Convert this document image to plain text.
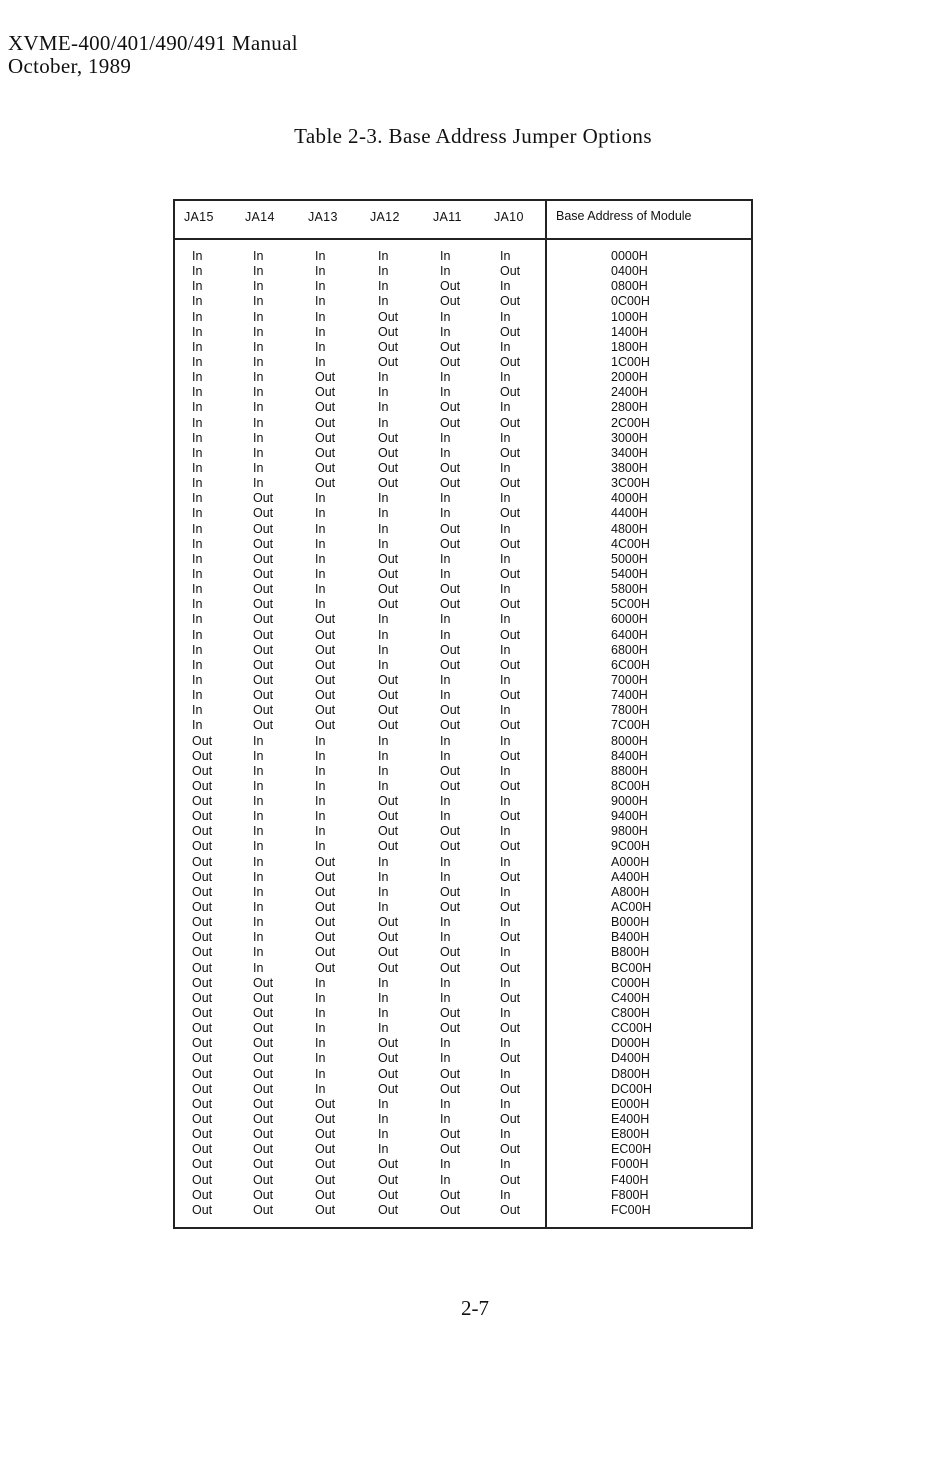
XVME-400/401/490/491 Manual
October, 1989
Table 2-3. Base Address Jumper Options
JA15	JA14	JA13	JA12	JA11	JA10	Base Address of Module
In	In	In	In	In	In	0000H
In	In	In	In	In	Out	0400H
In	In	In	In	Out	In	0800H
In	In	In	In	Out	Out	0C00H
In	In	In	Out	In	In	1000H
In	In	In	Out	In	Out	1400H
In	In	In	Out	Out	In	1800H
In	In	In	Out	Out	Out	1C00H
In	In	Out	In	In	In	2000H
In	In	Out	In	In	Out	2400H
In	In	Out	In	Out	In	2800H
In	In	Out	In	Out	Out	2C00H
In	In	Out	Out	In	In	3000H
In	In	Out	Out	In	Out	3400H
In	In	Out	Out	Out	In	3800H
In	In	Out	Out	Out	Out	3C00H
In	Out	In	In	In	In	4000H
In	Out	In	In	In	Out	4400H
In	Out	In	In	Out	In	4800H
In	Out	In	In	Out	Out	4C00H
In	Out	In	Out	In	In	5000H
In	Out	In	Out	In	Out	5400H
In	Out	In	Out	Out	In	5800H
In	Out	In	Out	Out	Out	5C00H
In	Out	Out	In	In	In	6000H
In	Out	Out	In	In	Out	6400H
In	Out	Out	In	Out	In	6800H
In	Out	Out	In	Out	Out	6C00H
In	Out	Out	Out	In	In	7000H
In	Out	Out	Out	In	Out	7400H
In	Out	Out	Out	Out	In	7800H
In	Out	Out	Out	Out	Out	7C00H
Out	In	In	In	In	In	8000H
Out	In	In	In	In	Out	8400H
Out	In	In	In	Out	In	8800H
Out	In	In	In	Out	Out	8C00H
Out	In	In	Out	In	In	9000H
Out	In	In	Out	In	Out	9400H
Out	In	In	Out	Out	In	9800H
Out	In	In	Out	Out	Out	9C00H
Out	In	Out	In	In	In	A000H
Out	In	Out	In	In	Out	A400H
Out	In	Out	In	Out	In	A800H
Out	In	Out	In	Out	Out	AC00H
Out	In	Out	Out	In	In	B000H
Out	In	Out	Out	In	Out	B400H
Out	In	Out	Out	Out	In	B800H
Out	In	Out	Out	Out	Out	BC00H
Out	Out	In	In	In	In	C000H
Out	Out	In	In	In	Out	C400H
Out	Out	In	In	Out	In	C800H
Out	Out	In	In	Out	Out	CC00H
Out	Out	In	Out	In	In	D000H
Out	Out	In	Out	In	Out	D400H
Out	Out	In	Out	Out	In	D800H
Out	Out	In	Out	Out	Out	DC00H
Out	Out	Out	In	In	In	E000H
Out	Out	Out	In	In	Out	E400H
Out	Out	Out	In	Out	In	E800H
Out	Out	Out	In	Out	Out	EC00H
Out	Out	Out	Out	In	In	F000H
Out	Out	Out	Out	In	Out	F400H
Out	Out	Out	Out	Out	In	F800H
Out	Out	Out	Out	Out	Out	FC00H
2-7
